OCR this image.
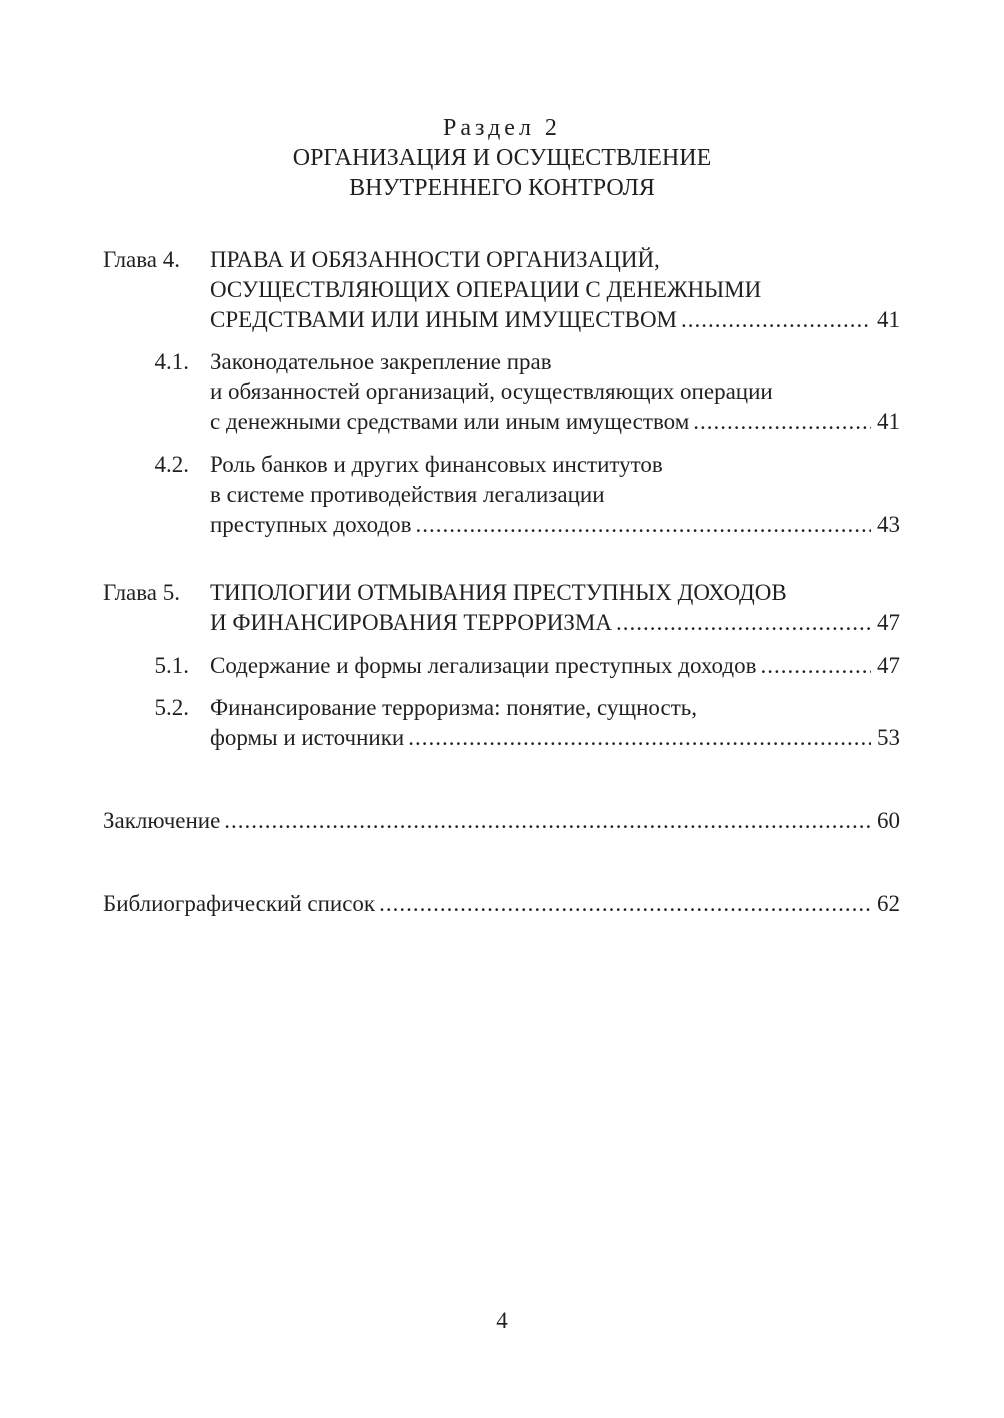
Раздел 2
ОРГАНИЗАЦИЯ И ОСУЩЕСТВЛЕНИЕ
ВНУТРЕННЕГО КОНТРОЛЯ
Глава 4. ПРАВА И ОБЯЗАННОСТИ ОРГАНИЗАЦИЙ,
ОСУЩЕСТВЛЯЮЩИХ ОПЕРАЦИИ С ДЕНЕЖНЫМИ
СРЕДСТВАМИ ИЛИ ИНЫМ ИМУЩЕСТВОМ .....	41
4.1. Законодательное закрепление прав
и обязанностей организаций, осуществляющих операции
с денежными средствами или иным имуществом .....	41
4.2. Роль банков и других финансовых институтов
в системе противодействия легализации
преступных доходов .....	43
Глава 5. ТИПОЛОГИИ ОТМЫВАНИЯ ПРЕСТУПНЫХ ДОХОДОВ
И ФИНАНСИРОВАНИЯ ТЕРРОРИЗМА .....	47
5.1. Содержание и формы легализации преступных доходов .....	47
5.2. Финансирование терроризма: понятие, сущность,
формы и источники .....	53
Заключение .....	60
Библиографический список .....	62
4
